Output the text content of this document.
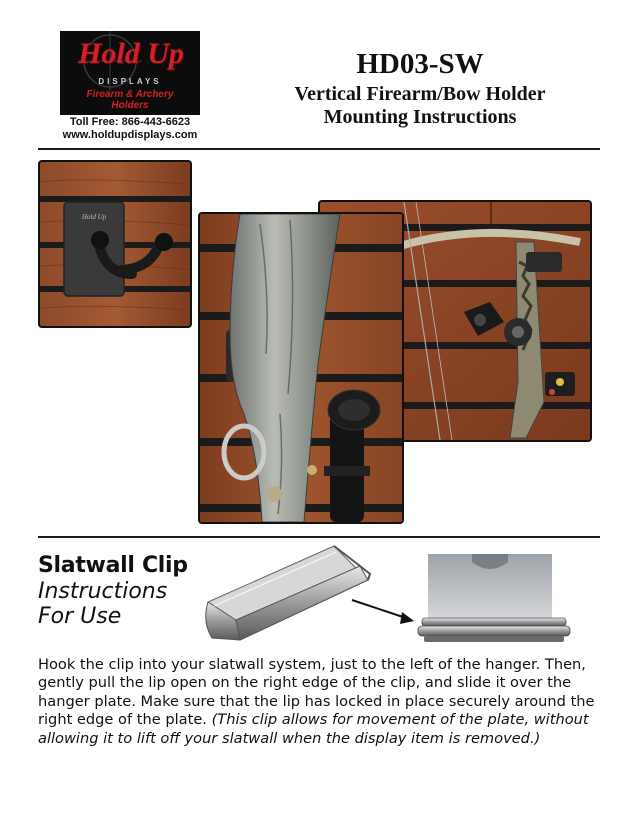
Hold Up
DISPLAYS
Firearm & Archery
Holders
Toll Free: 866-443-6623
www.holdupdisplays.com
HD03-SW
Vertical Firearm/Bow Holder
Mounting Instructions
Hold Up
Slatwall Clip
Instructions
For Use
Hook the clip into your slatwall system, just to the left of the hanger. Then, gently pull the lip open on the right edge of the clip, and slide it over the hanger plate. Make sure that the lip has locked in place securely around the right edge of the plate. (This clip allows for movement of the plate, without allowing it to lift off your slatwall when the display item is removed.)
